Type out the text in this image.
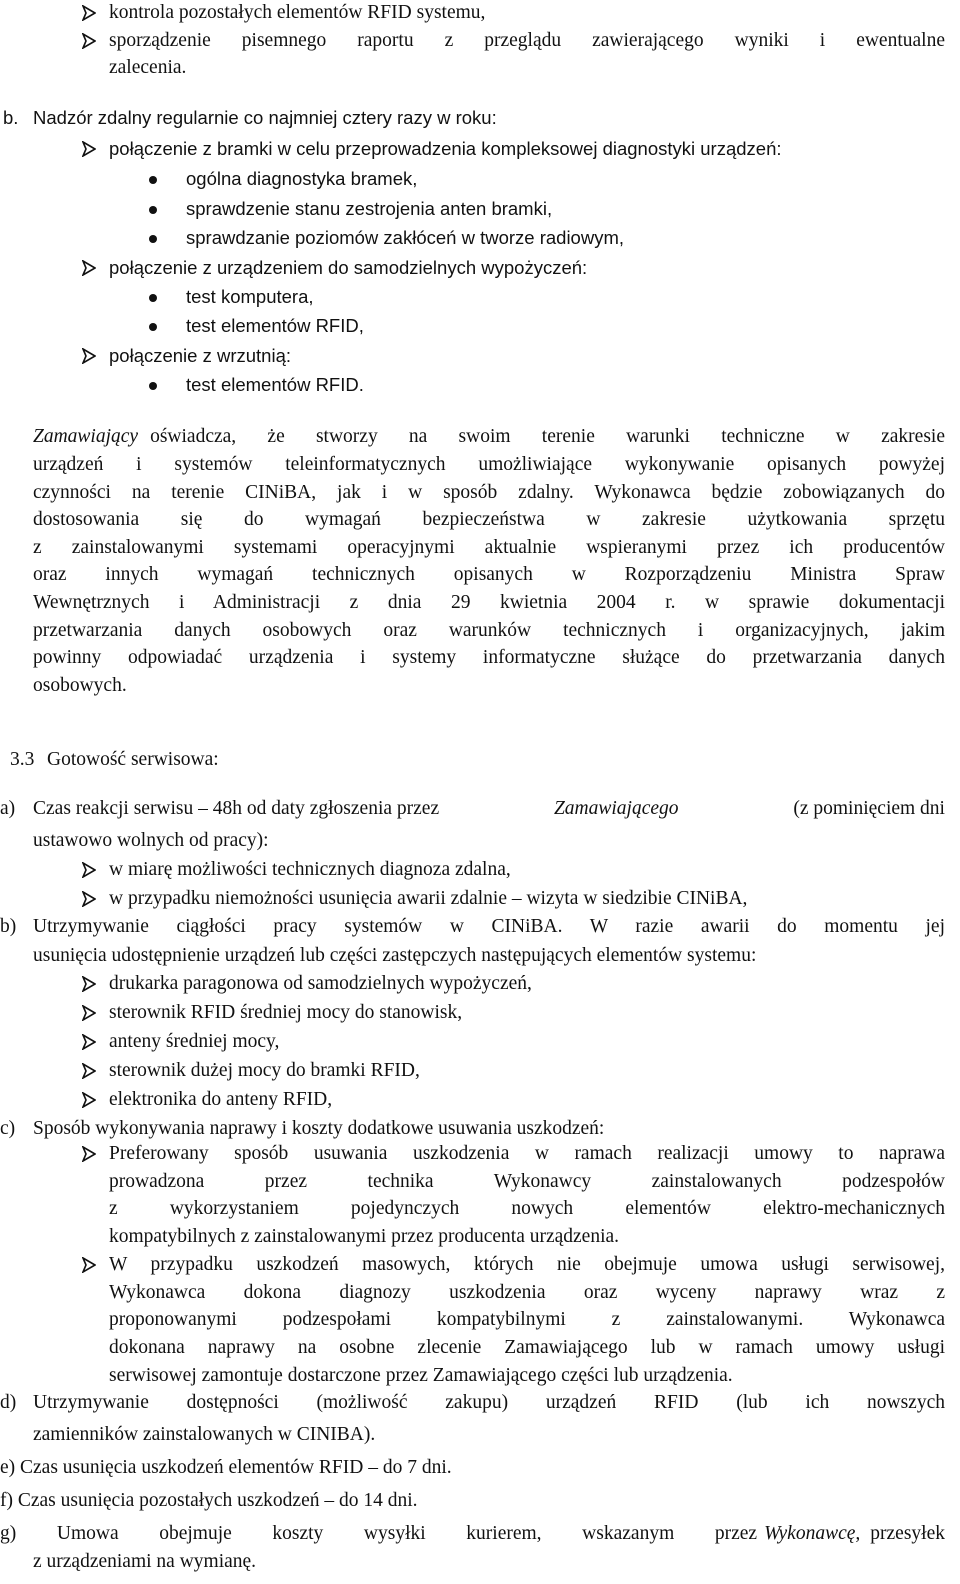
kontrola pozostałych elementów RFID systemu,
sporządzenie pisemnego raportu z przeglądu zawierającego wyniki i ewentualne
zalecenia.
b. Nadzór zdalny regularnie co najmniej cztery razy w roku:
połączenie z bramki w celu przeprowadzenia kompleksowej diagnostyki urządzeń:
ogólna diagnostyka bramek,
sprawdzenie stanu zestrojenia anten bramki,
sprawdzanie poziomów zakłóceń w tworze radiowym,
połączenie z urządzeniem do samodzielnych wypożyczeń:
test komputera,
test elementów RFID,
połączenie z wrzutnią:
test elementów RFID.
Zamawiający oświadcza, że stworzy na swoim terenie warunki techniczne w zakresie
urządzeń i systemów teleinformatycznych umożliwiające wykonywanie opisanych powyżej
czynności na terenie CINiBA, jak i w sposób zdalny. Wykonawca będzie zobowiązanych do
dostosowania się do wymagań bezpieczeństwa w zakresie użytkowania sprzętu
z zainstalowanymi systemami operacyjnymi aktualnie wspieranymi przez ich producentów
oraz innych wymagań technicznych opisanych w Rozporządzeniu Ministra Spraw
Wewnętrznych i Administracji z dnia 29 kwietnia 2004 r. w sprawie dokumentacji
przetwarzania danych osobowych oraz warunków technicznych i organizacyjnych, jakim
powinny odpowiadać urządzenia i systemy informatyczne służące do przetwarzania danych
osobowych.
3.3 Gotowość serwisowa:
a) Czas reakcji serwisu – 48h od daty zgłoszenia przez	Zamawiającego	(z pominięciem dni
ustawowo wolnych od pracy):
w miarę możliwości technicznych diagnoza zdalna,
w przypadku niemożności usunięcia awarii zdalnie – wizyta w siedzibie CINiBA,
b) Utrzymywanie ciągłości pracy systemów w CINiBA. W razie awarii do momentu jej
usunięcia udostępnienie urządzeń lub części zastępczych następujących elementów systemu:
drukarka paragonowa od samodzielnych wypożyczeń,
sterownik RFID średniej mocy do stanowisk,
anteny średniej mocy,
sterownik dużej mocy do bramki RFID,
elektronika do anteny RFID,
c) Sposób wykonywania naprawy i koszty dodatkowe usuwania uszkodzeń:
Preferowany sposób usuwania uszkodzenia w ramach realizacji umowy to naprawa
prowadzona przez technika Wykonawcy zainstalowanych podzespołów
z wykorzystaniem pojedynczych nowych elementów elektro-mechanicznych
kompatybilnych z zainstalowanymi przez producenta urządzenia.
W przypadku uszkodzeń masowych, których nie obejmuje umowa usługi serwisowej,
Wykonawca dokona diagnozy uszkodzenia oraz wyceny naprawy wraz z
proponowanymi podzespołami kompatybilnymi z zainstalowanymi. Wykonawca
dokonana naprawy na osobne zlecenie Zamawiającego lub w ramach umowy usługi
serwisowej zamontuje dostarczone przez Zamawiającego części lub urządzenia.
d) Utrzymywanie dostępności (możliwość zakupu) urządzeń RFID (lub ich nowszych
zamienników zainstalowanych w CINIBA).
e) Czas usunięcia uszkodzeń elementów RFID – do 7 dni.
f) Czas usunięcia pozostałych uszkodzeń – do 14 dni.
g) Umowa obejmuje koszty wysyłki kurierem, wskazanym przez Wykonawcę, przesyłek
z urządzeniami na wymianę.
